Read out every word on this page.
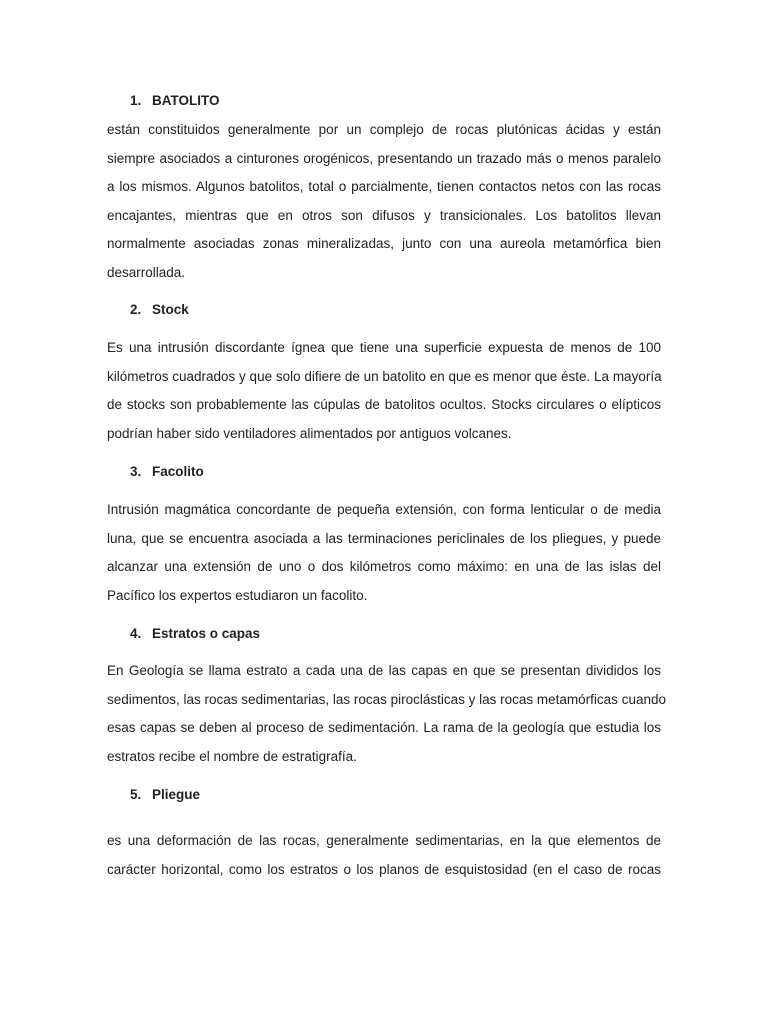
1. BATOLITO
están constituidos generalmente por un complejo de rocas plutónicas ácidas y están
siempre asociados a cinturones orogénicos, presentando un trazado más o menos paralelo
a los mismos. Algunos batolitos, total o parcialmente, tienen contactos netos con las rocas
encajantes, mientras que en otros son difusos y transicionales. Los batolitos llevan
normalmente asociadas zonas mineralizadas, junto con una aureola metamórfica bien
desarrollada.
2. Stock
Es una intrusión discordante ígnea que tiene una superficie expuesta de menos de 100
kilómetros cuadrados y que solo difiere de un batolito en que es menor que éste. La mayoría
de stocks son probablemente las cúpulas de batolitos ocultos. Stocks circulares o elípticos
podrían haber sido ventiladores alimentados por antiguos volcanes.
3. Facolito
Intrusión magmática concordante de pequeña extensión, con forma lenticular o de media
luna, que se encuentra asociada a las terminaciones periclinales de los pliegues, y puede
alcanzar una extensión de uno o dos kilómetros como máximo: en una de las islas del
Pacífico los expertos estudiaron un facolito.
4. Estratos o capas
En Geología se llama estrato a cada una de las capas en que se presentan divididos los
sedimentos, las rocas sedimentarias, las rocas piroclásticas y las rocas metamórficas cuando
esas capas se deben al proceso de sedimentación. La rama de la geología que estudia los
estratos recibe el nombre de estratigrafía.
5. Pliegue
es una deformación de las rocas, generalmente sedimentarias, en la que elementos de
carácter horizontal, como los estratos o los planos de esquistosidad (en el caso de rocas
